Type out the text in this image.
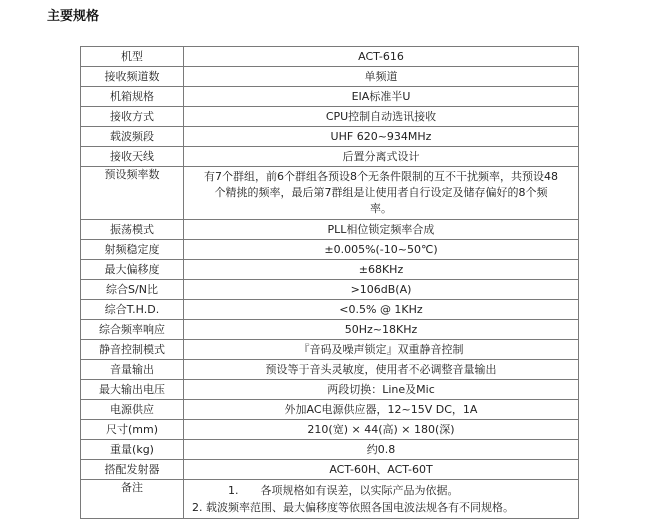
主要规格
机型	ACT-616
接收频道数	单频道
机箱规格	EIA标准半U
接收方式	CPU控制自动选讯接收
载波频段	UHF 620~934MHz
接收天线	后置分离式设计
预设频率数	有7个群组，前6个群组各预设8个无条件限制的互不干扰频率，共预设48

个精挑的频率，最后第7群组是让使用者自行设定及储存偏好的8个频

率。

振荡模式	PLL相位锁定频率合成
射频稳定度	±0.005%(-10~50℃)
最大偏移度	±68KHz
综合S/N比	>106dB(A)
综合T.H.D.	<0.5% @ 1KHz
综合频率响应	50Hz~18KHz
静音控制模式	『音码及噪声锁定』双重静音控制
音量输出	预设等于音头灵敏度，使用者不必调整音量输出
最大输出电压	两段切换：Line及Mic
电源供应	外加AC电源供应器，12~15V DC，1A
尺寸(mm)	210(宽) × 44(高) × 180(深)
重量(kg)	约0.8
搭配发射器	ACT-60H、ACT-60T
备注	1.　　各项规格如有误差，以实际产品为依据。

2. 载波频率范围、最大偏移度等依照各国电波法规各有不同规格。
